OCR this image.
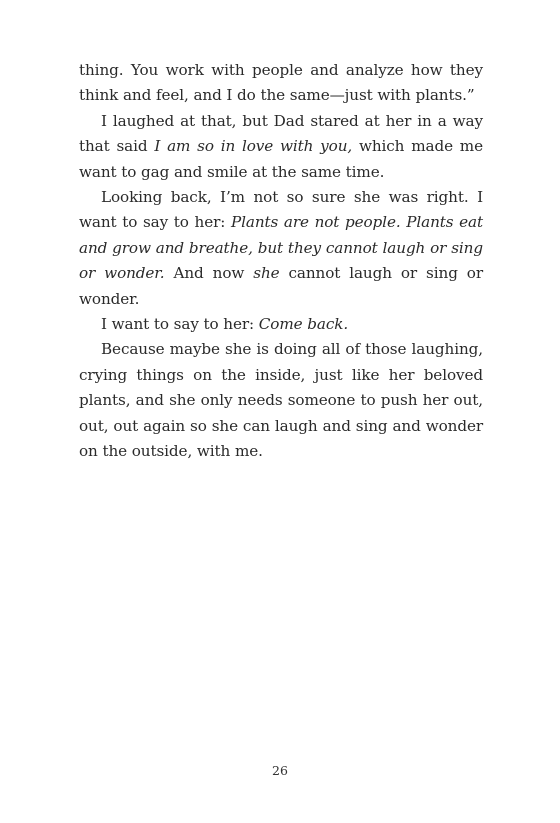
thing. You work with people and analyze how they think and feel, and I do the same—just with plants.”

I laughed at that, but Dad stared at her in a way that said I am so in love with you, which made me want to gag and smile at the same time.

Looking back, I’m not so sure she was right. I want to say to her: Plants are not people. Plants eat and grow and breathe, but they cannot laugh or sing or wonder. And now she cannot laugh or sing or wonder.

I want to say to her: Come back.

Because maybe she is doing all of those laughing, crying things on the inside, just like her beloved plants, and she only needs someone to push her out, out, out again so she can laugh and sing and wonder on the outside, with me.

26
